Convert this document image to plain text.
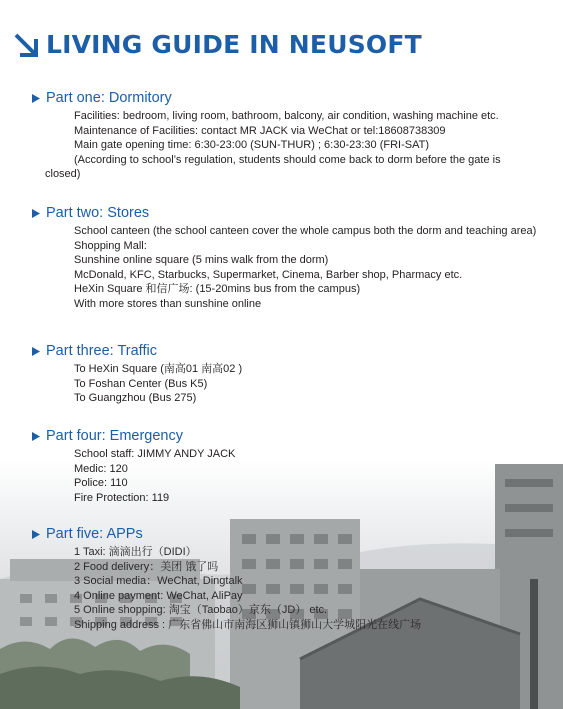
LIVING GUIDE IN NEUSOFT
Part one: Dormitory
Facilities: bedroom, living room, bathroom, balcony, air condition, washing machine etc.
Maintenance of Facilities: contact MR JACK via WeChat or tel:18608738309
Main gate opening time: 6:30-23:00 (SUN-THUR) ; 6:30-23:30 (FRI-SAT)
(According to school’s regulation, students should come back to dorm before the gate is closed)
Part two: Stores
School canteen (the school canteen cover the whole campus both the dorm and teaching area)
Shopping Mall:
Sunshine online square (5 mins walk from the dorm)
McDonald, KFC, Starbucks, Supermarket, Cinema, Barber shop, Pharmacy etc.
HeXin Square 和信广场: (15-20mins bus from the campus)
With more stores than sunshine online
Part three: Traffic
To HeXin Square (南高01 南高02 )
To Foshan Center (Bus K5)
To Guangzhou (Bus 275)
Part four: Emergency
School staff: JIMMY ANDY JACK
Medic: 120
Police: 110
Fire Protection: 119
Part five: APPs
1 Taxi: 滴滴出行（DIDI）
2 Food delivery：美团 饿了吗
3 Social media：WeChat, Dingtalk
4 Online payment: WeChat, AliPay
5 Online shopping: 淘宝（Taobao）京东（JD） etc.
Shipping address : 广东省佛山市南海区狮山镇狮山大学城阳光在线广场
